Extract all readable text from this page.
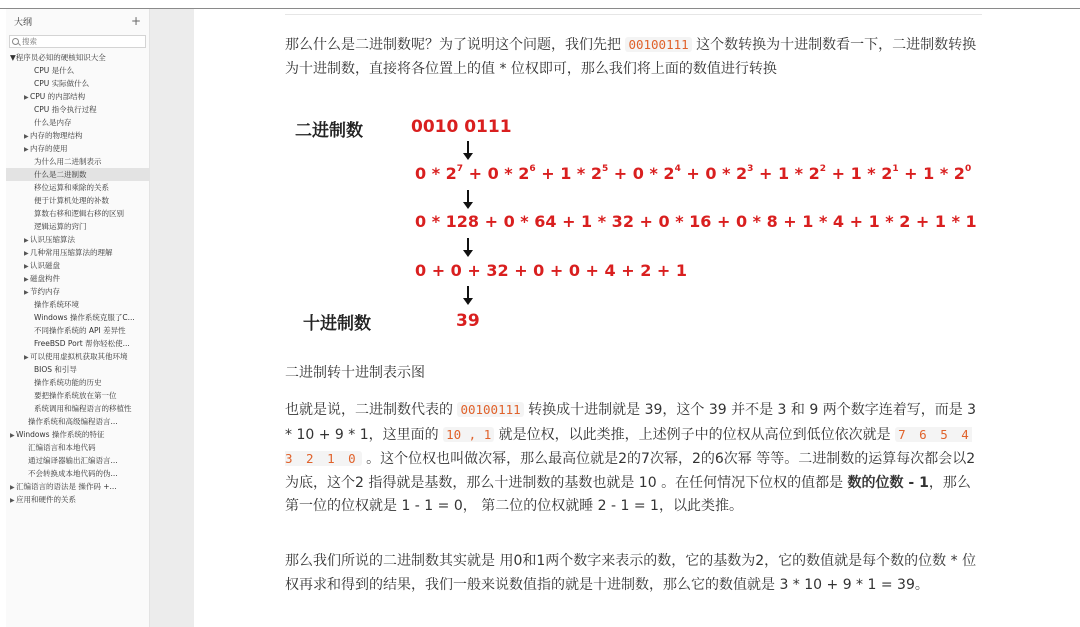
大纲	+
搜索
▼程序员必知的硬核知识大全
CPU 是什么
CPU 实际做什么
▶CPU 的内部结构
CPU 指令执行过程
什么是内存
▶内存的物理结构
▶内存的使用
为什么用二进制表示
什么是二进制数
移位运算和乘除的关系
便于计算机处理的补数
算数右移和逻辑右移的区别
逻辑运算的窍门
▶认识压缩算法
▶几种常用压缩算法的理解
▶认识磁盘
▶磁盘构件
▶节约内存
操作系统环境
Windows 操作系统克服了C...
不同操作系统的 API 差异性
FreeBSD Port 帮你轻松使...
▶可以使用虚拟机获取其他环境
BIOS 和引导
操作系统功能的历史
要把操作系统放在第一位
系统调用和编程语言的移植性
操作系统和高级编程语言...
▶Windows 操作系统的特征
汇编语言和本地代码
通过编译器输出汇编语言...
不会转换成本地代码的伪...
▶汇编语言的语法是 操作码 +...
▶应用和硬件的关系

那么什么是二进制数呢？为了说明这个问题，我们先把 00100111 这个数转换为十进制数看一下，二进制数转换为十进制数，直接将各位置上的值 * 位权即可，那么我们将上面的数值进行转换

二进制数	0010 0111
$0 * 2^7 + 0 * 2^6 + 1 * 2^5 + 0 * 2^4 + 0 * 2^3 + 1 * 2^2 + 1 * 2^1 + 1 * 2^0$
0 * 128 + 0 * 64 + 1 * 32 + 0 * 16 + 0 * 8 + 1 * 4 + 1 * 2 + 1 * 1
0 + 0 + 32 + 0 + 0 + 4 + 2 + 1
十进制数	39

二进制转十进制表示图

也就是说，二进制数代表的 00100111 转换成十进制就是 39，这个 39 并不是 3 和 9 两个数字连着写，而是 3 * 10 + 9 * 1，这里面的 10 , 1 就是位权，以此类推，上述例子中的位权从高位到低位依次就是 7 6 5 4 3 2 1 0 。这个位权也叫做次幂，那么最高位就是2的7次幂，2的6次幂 等等。二进制数的运算每次都会以2为底，这个2 指得就是基数，那么十进制数的基数也就是 10 。在任何情况下位权的值都是 数的位数 - 1，那么第一位的位权就是 1 - 1 = 0， 第二位的位权就睡 2 - 1 = 1，以此类推。

那么我们所说的二进制数其实就是 用0和1两个数字来表示的数，它的基数为2，它的数值就是每个数的位数 * 位权再求和得到的结果，我们一般来说数值指的就是十进制数，那么它的数值就是 3 * 10 + 9 * 1 = 39。
